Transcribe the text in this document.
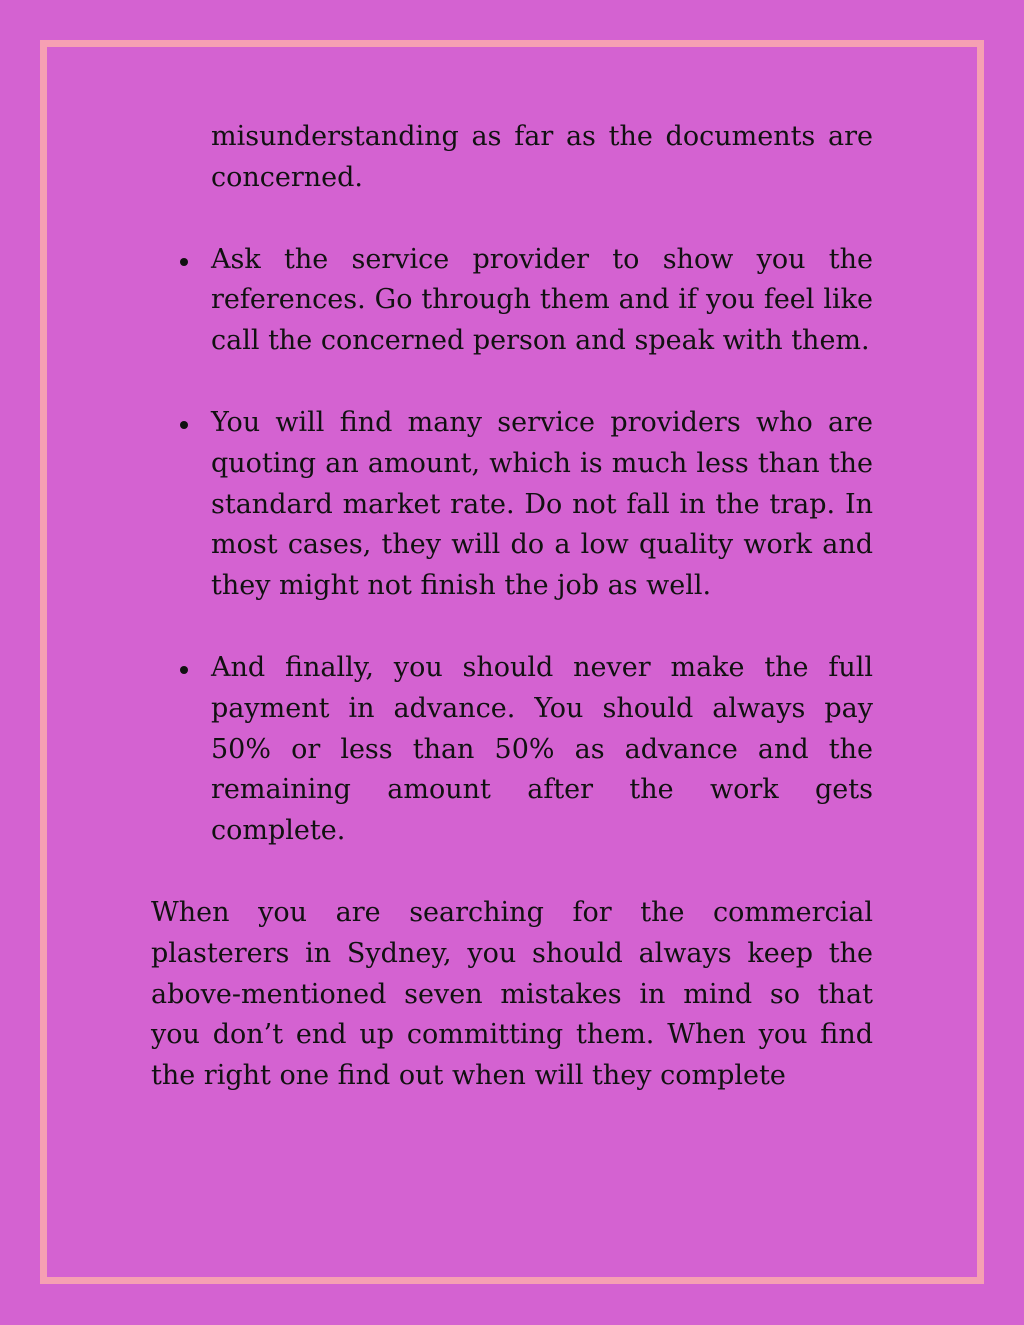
misunderstanding as far as the documents are concerned.

Ask the service provider to show you the references. Go through them and if you feel like call the concerned person and speak with them.
You will find many service providers who are quoting an amount, which is much less than the standard market rate. Do not fall in the trap. In most cases, they will do a low quality work and they might not finish the job as well.
And finally, you should never make the full payment in advance. You should always pay 50% or less than 50% as advance and the remaining amount after the work gets complete.

When you are searching for the commercial plasterers in Sydney, you should always keep the above-mentioned seven mistakes in mind so that you don’t end up committing them. When you find the right one find out when will they complete
